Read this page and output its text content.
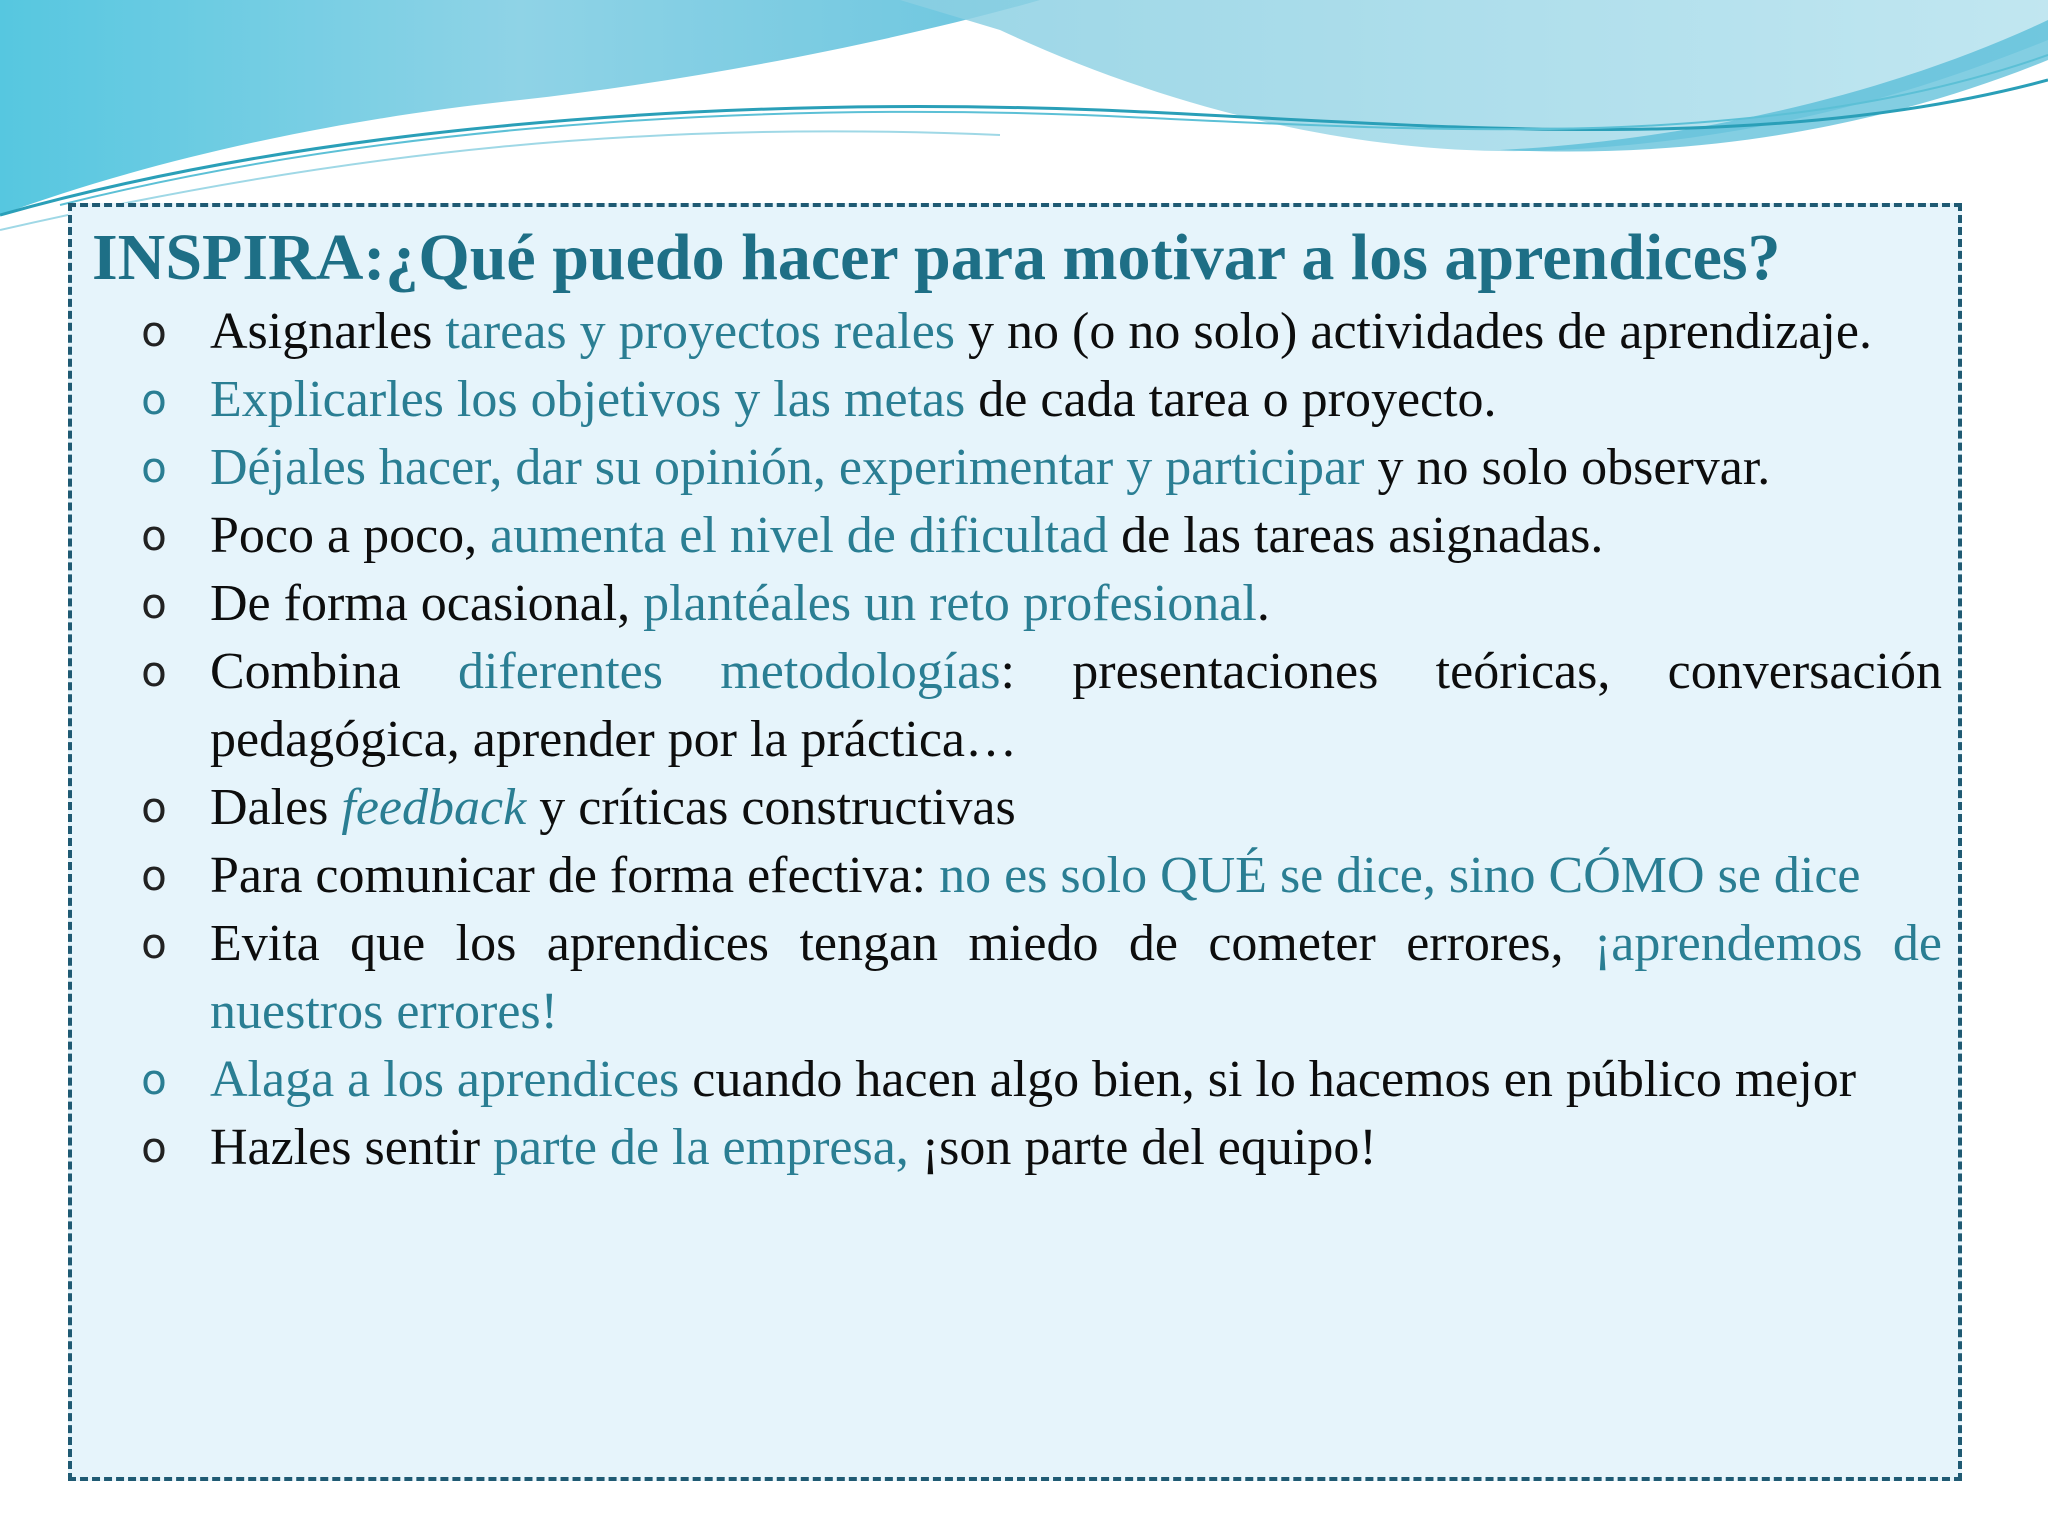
INSPIRA:¿Qué puedo hacer para motivar a los aprendices?
o Asignarles tareas y proyectos reales y no (o no solo) actividades de aprendizaje.
o Explicarles los objetivos y las metas de cada tarea o proyecto.
o Déjales hacer, dar su opinión, experimentar y participar y no solo observar.
o Poco a poco, aumenta el nivel de dificultad de las tareas asignadas.
o De forma ocasional, plantéales un reto profesional.
o Combina diferentes metodologías: presentaciones teóricas, conversación pedagógica, aprender por la práctica…
o Dales feedback y críticas constructivas
o Para comunicar de forma efectiva: no es solo QUÉ se dice, sino CÓMO se dice
o Evita que los aprendices tengan miedo de cometer errores, ¡aprendemos de nuestros errores!
o Alaga a los aprendices cuando hacen algo bien, si lo hacemos en público mejor
o Hazles sentir parte de la empresa, ¡son parte del equipo!
